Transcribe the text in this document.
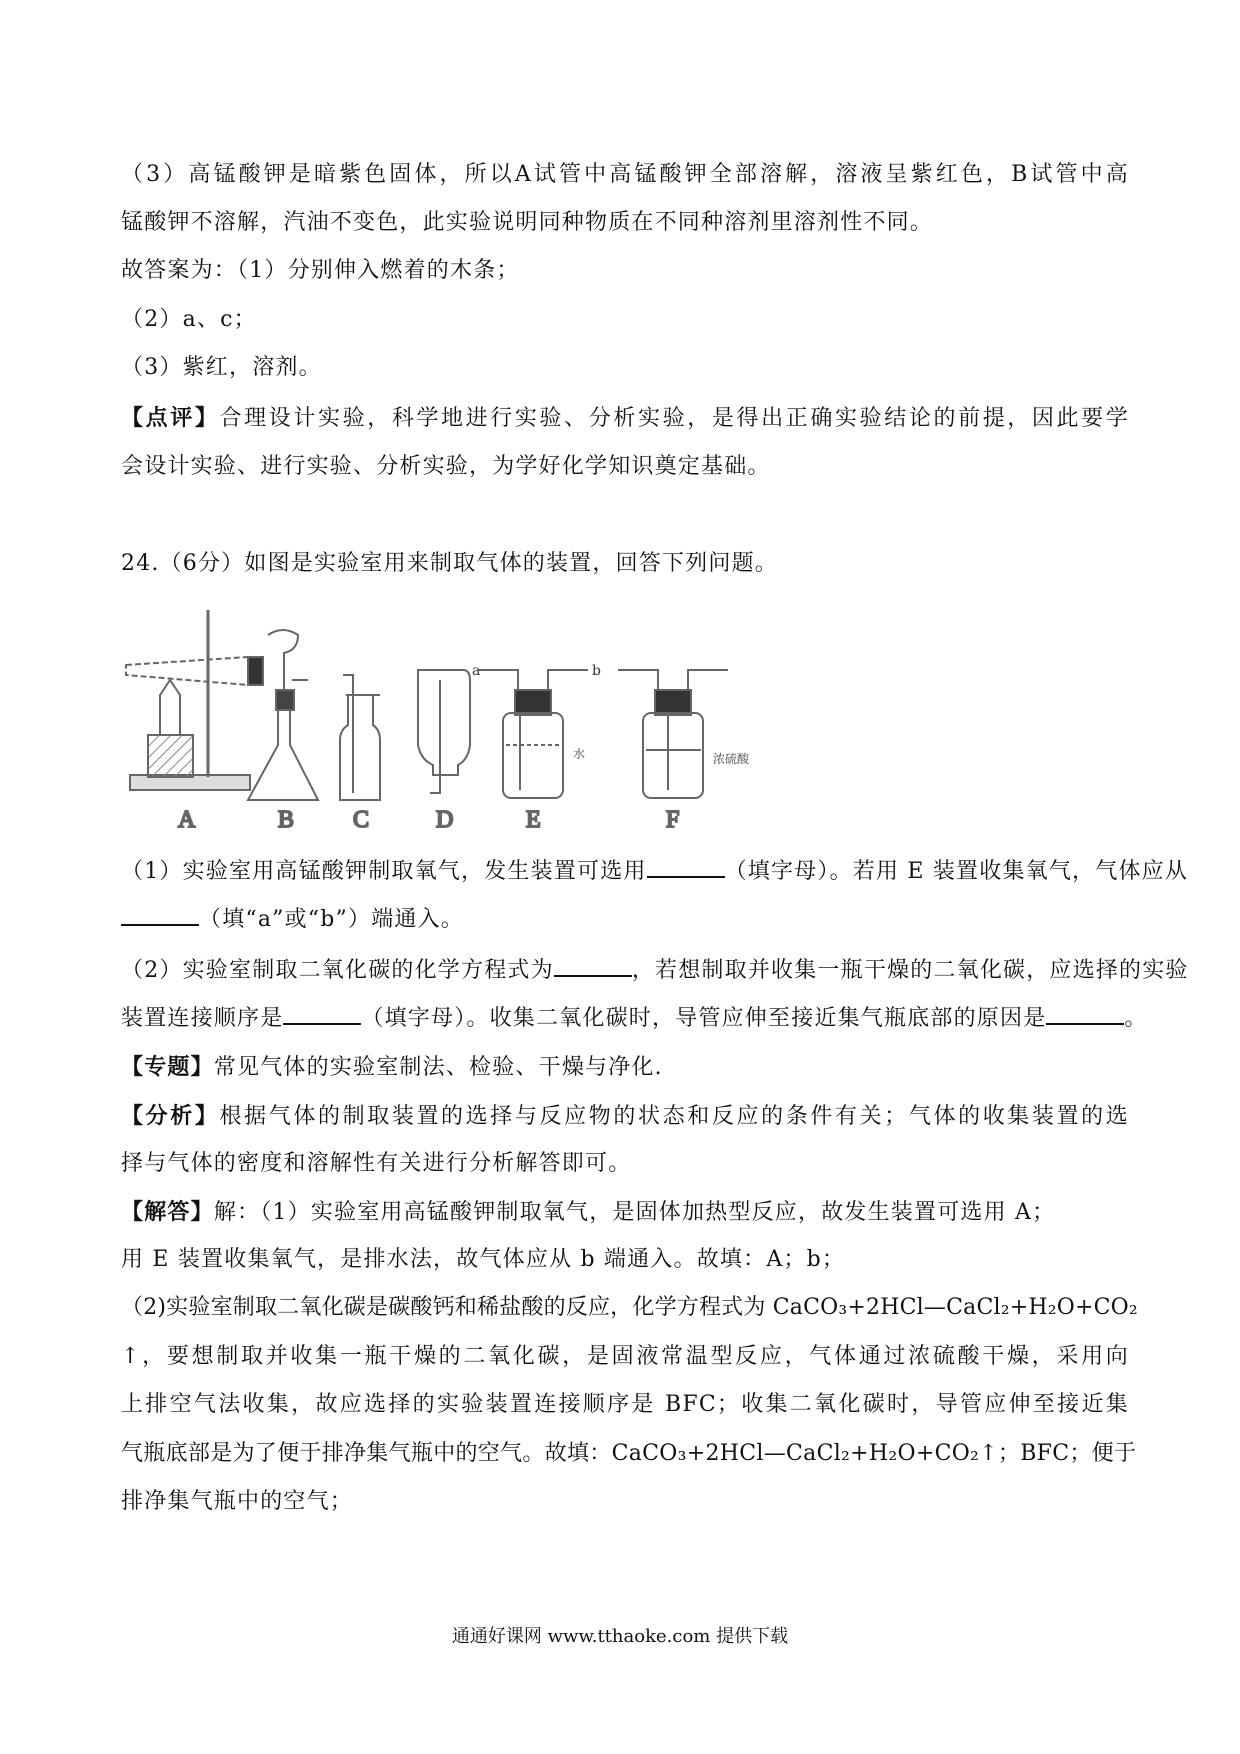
（3）高锰酸钾是暗紫色固体，所以A试管中高锰酸钾全部溶解，溶液呈紫红色，B试管中高
锰酸钾不溶解，汽油不变色，此实验说明同种物质在不同种溶剂里溶剂性不同。
故答案为：（1）分别伸入燃着的木条；
（2）a、c；
（3）紫红，溶剂。
【点评】合理设计实验，科学地进行实验、分析实验，是得出正确实验结论的前提，因此要学
会设计实验、进行实验、分析实验，为学好化学知识奠定基础。
24.（6分）如图是实验室用来制取气体的装置，回答下列问题。
水
a	b
浓硫酸
A	B C	D	E	F
（1）实验室用高锰酸钾制取氧气，发生装置可选用	（填字母）。若用 E 装置收集氧气，气体应从
（填“a”或“b”）端通入。
（2）实验室制取二氧化碳的化学方程式为	，若想制取并收集一瓶干燥的二氧化碳，应选择的实验
装置连接顺序是	（填字母）。收集二氧化碳时，导管应伸至接近集气瓶底部的原因是	。
【专题】常见气体的实验室制法、检验、干燥与净化.
【分析】根据气体的制取装置的选择与反应物的状态和反应的条件有关；气体的收集装置的选
择与气体的密度和溶解性有关进行分析解答即可。
【解答】解：（1）实验室用高锰酸钾制取氧气，是固体加热型反应，故发生装置可选用 A；
用 E 装置收集氧气，是排水法，故气体应从 b 端通入。故填：A；b；
（2)实验室制取二氧化碳是碳酸钙和稀盐酸的反应，化学方程式为 CaCO₃+2HCl—CaCl₂+H₂O+CO₂
↑，要想制取并收集一瓶干燥的二氧化碳，是固液常温型反应，气体通过浓硫酸干燥，采用向
上排空气法收集，故应选择的实验装置连接顺序是 BFC；收集二氧化碳时，导管应伸至接近集
气瓶底部是为了便于排净集气瓶中的空气。故填：CaCO₃+2HCl—CaCl₂+H₂O+CO₂↑；BFC；便于
排净集气瓶中的空气；
通通好课网 www.tthaoke.com 提供下载
